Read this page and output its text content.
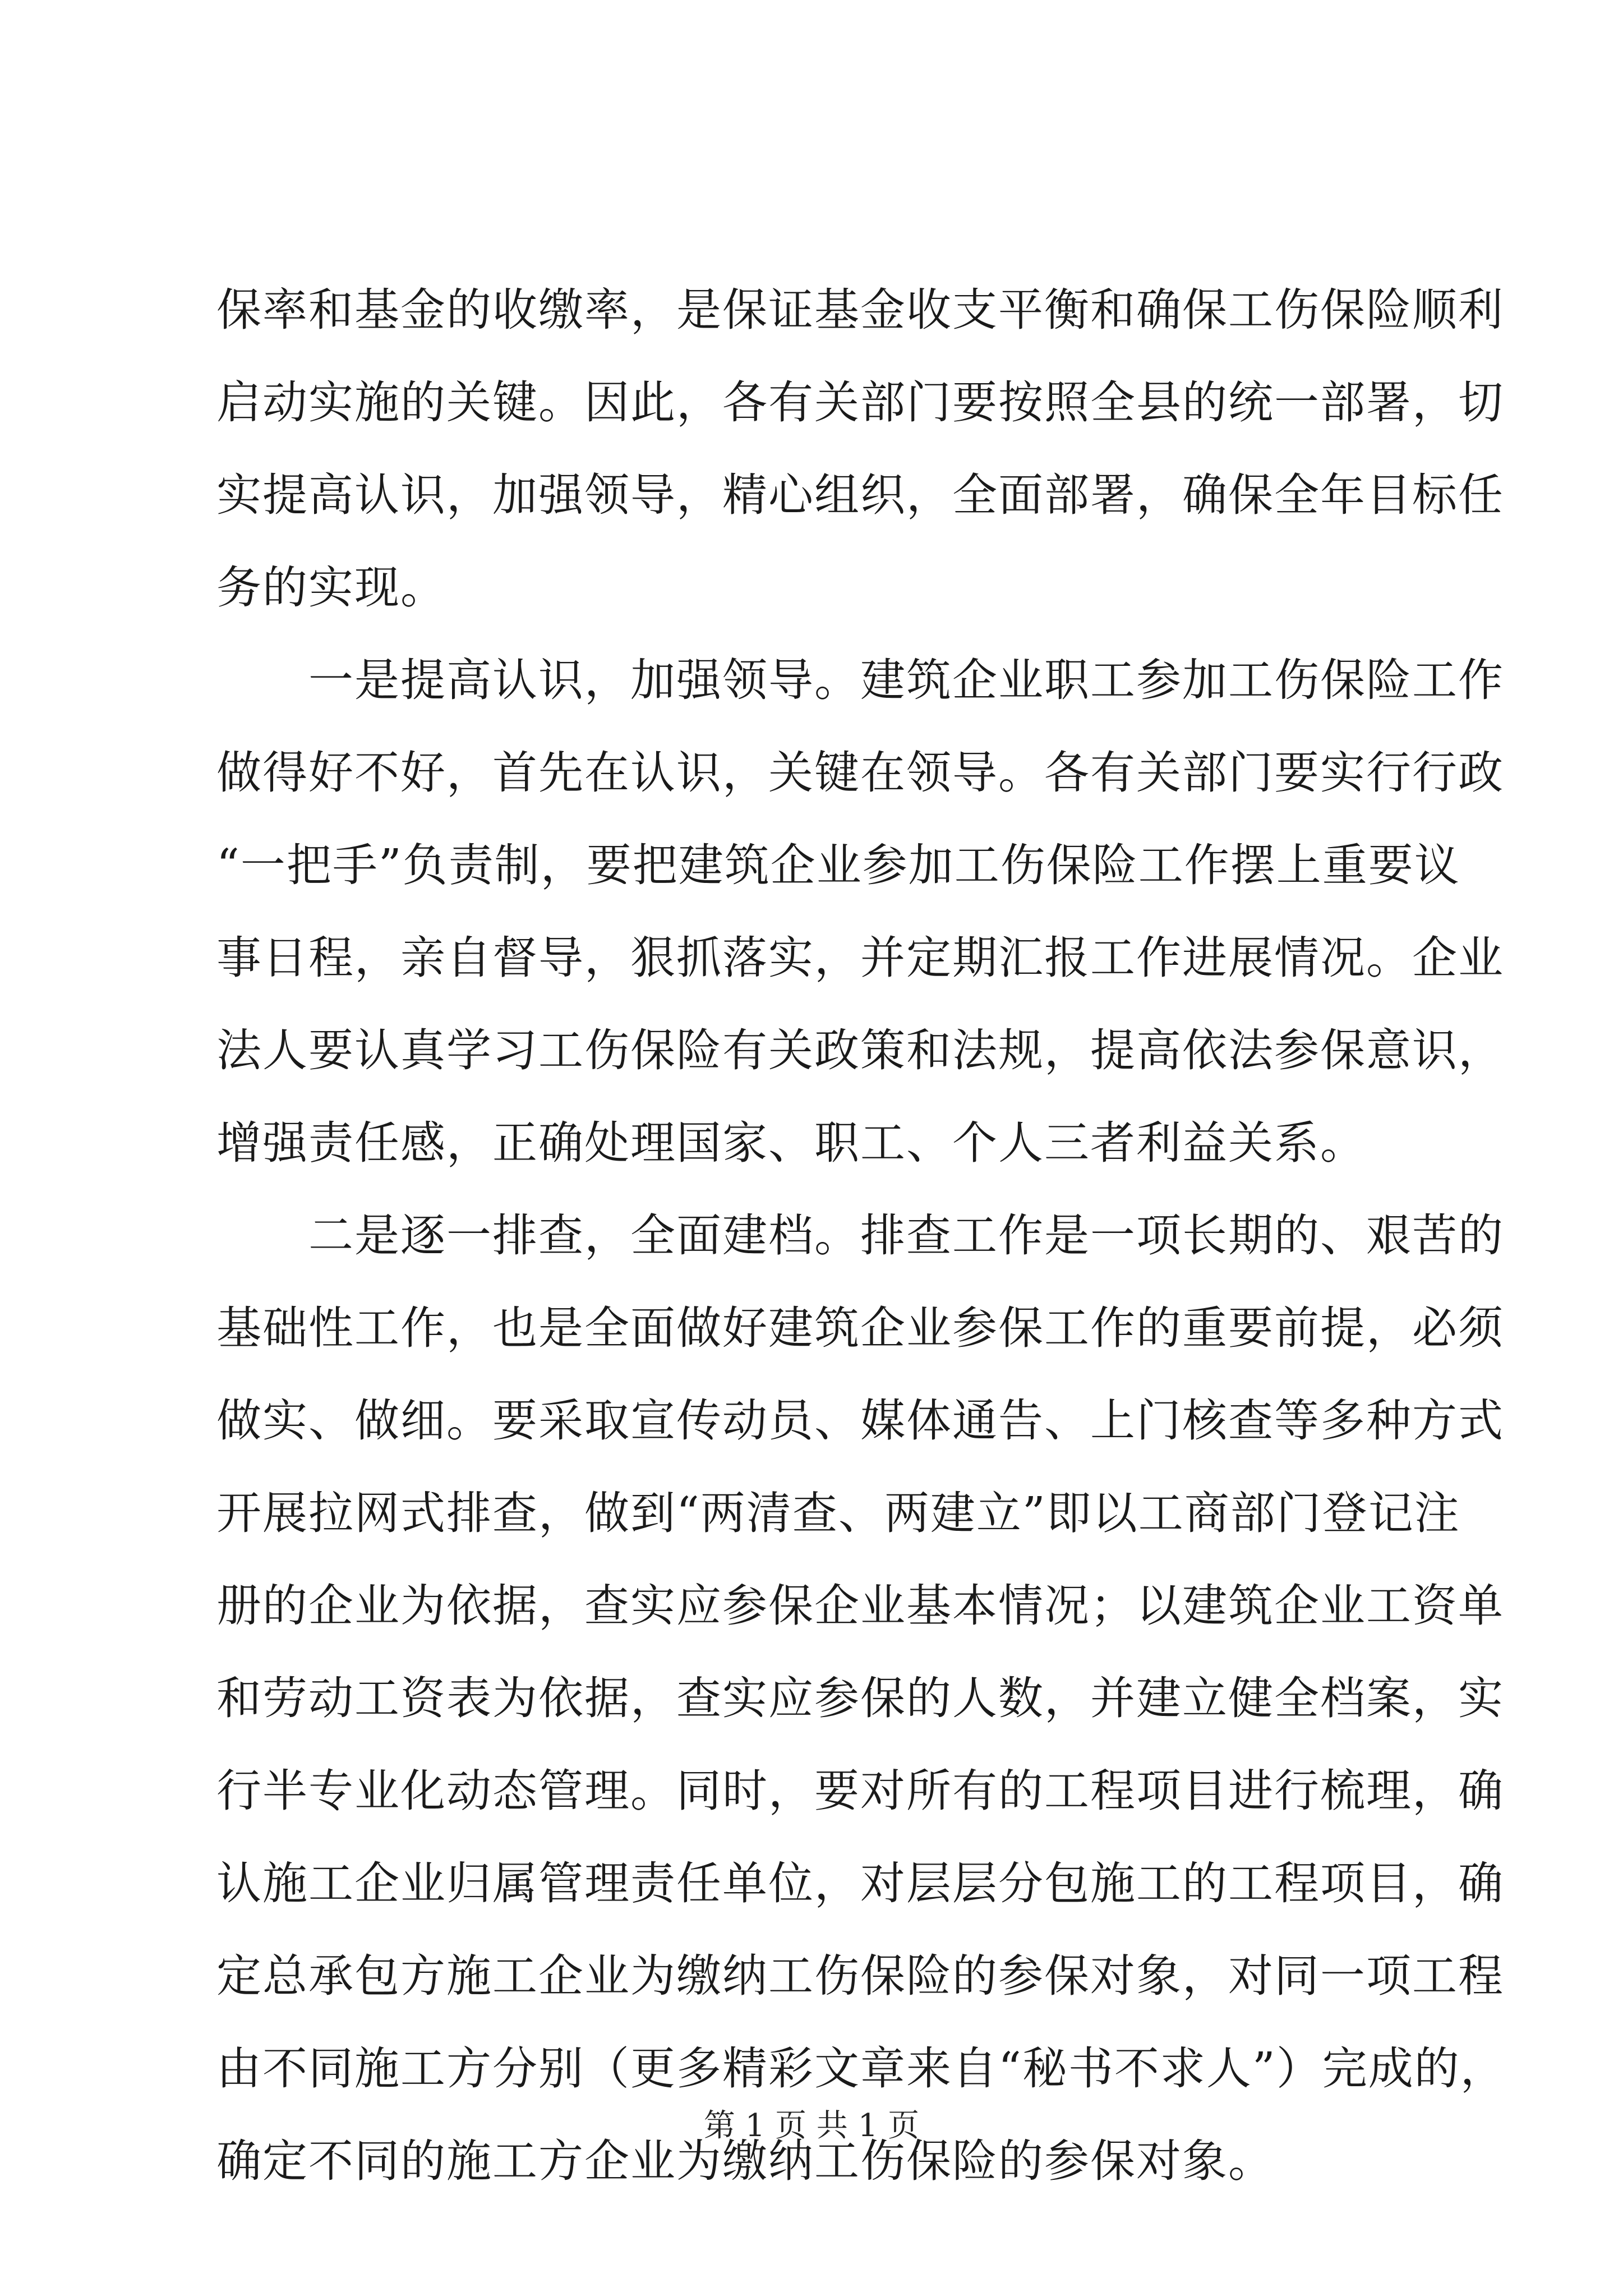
保率和基金的收缴率，是保证基金收支平衡和确保工伤保险顺利
启动实施的关键。因此，各有关部门要按照全县的统一部署，切
实提高认识，加强领导，精心组织，全面部署，确保全年目标任
务的实现。
　　一是提高认识，加强领导。建筑企业职工参加工伤保险工作
做得好不好，首先在认识，关键在领导。各有关部门要实行行政
“一把手”负责制，要把建筑企业参加工伤保险工作摆上重要议
事日程，亲自督导，狠抓落实，并定期汇报工作进展情况。企业
法人要认真学习工伤保险有关政策和法规，提高依法参保意识，
增强责任感，正确处理国家、职工、个人三者利益关系。
　　二是逐一排查，全面建档。排查工作是一项长期的、艰苦的
基础性工作，也是全面做好建筑企业参保工作的重要前提，必须
做实、做细。要采取宣传动员、媒体通告、上门核查等多种方式
开展拉网式排查，做到“两清查、两建立”即以工商部门登记注
册的企业为依据，查实应参保企业基本情况；以建筑企业工资单
和劳动工资表为依据，查实应参保的人数，并建立健全档案，实
行半专业化动态管理。同时，要对所有的工程项目进行梳理，确
认施工企业归属管理责任单位，对层层分包施工的工程项目，确
定总承包方施工企业为缴纳工伤保险的参保对象，对同一项工程
由不同施工方分别（更多精彩文章来自“秘书不求人”）完成的，
确定不同的施工方企业为缴纳工伤保险的参保对象。
第 1 页 共 1 页
